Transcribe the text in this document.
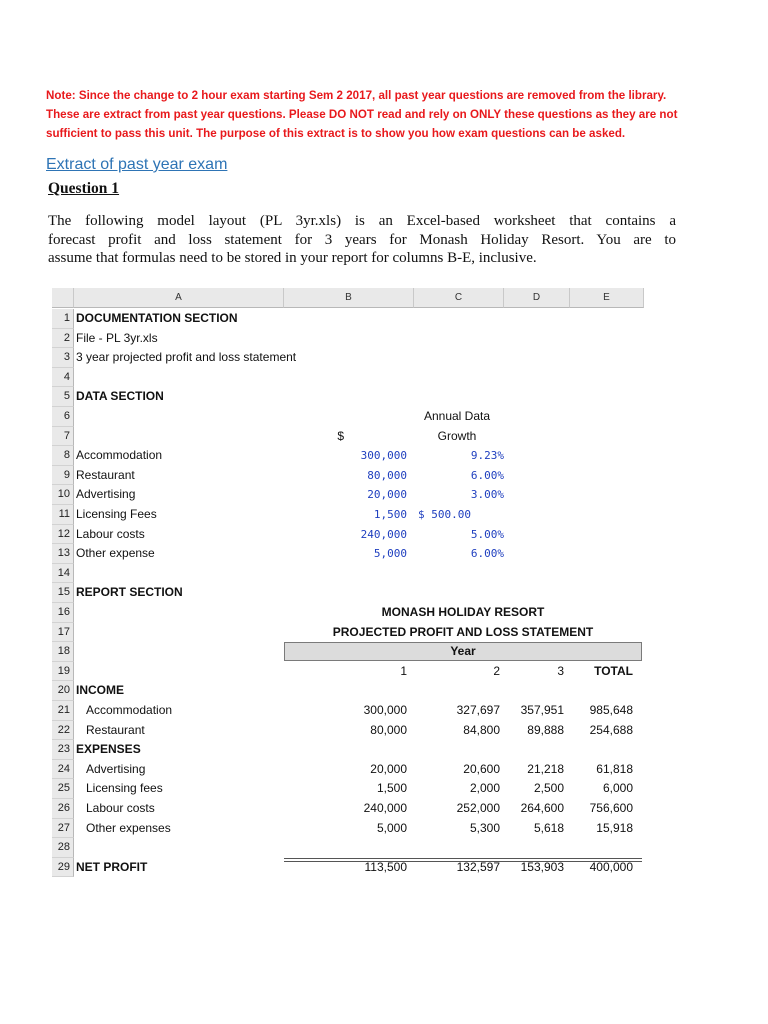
Note: Since the change to 2 hour exam starting Sem 2 2017, all past year questions are removed from the library.
These are extract from past year questions. Please DO NOT read and rely on ONLY these questions as they are not
sufficient to pass this unit. The purpose of this extract is to show you how exam questions can be asked.
Extract of past year exam
Question 1
The following model layout (PL 3yr.xls) is an Excel-based worksheet that contains a
forecast profit and loss statement for 3 years for Monash Holiday Resort. You are to
assume that formulas need to be stored in your report for columns B-E, inclusive.
A	B	C	D	E
1 DOCUMENTATION SECTION
2 File - PL 3yr.xls
3 3 year projected profit and loss statement
4
5 DATA SECTION
6	Annual Data
7	$	Growth
8 Accommodation	300,000	9.23%
9 Restaurant	80,000	6.00%
10 Advertising	20,000	3.00%
11 Licensing Fees	1,500	$ 500.00
12 Labour costs	240,000	5.00%
13 Other expense	5,000	6.00%
14
15 REPORT SECTION
16	MONASH HOLIDAY RESORT
17	PROJECTED PROFIT AND LOSS STATEMENT
18	Year
19	1	2	3	TOTAL
20 INCOME
21	Accommodation	300,000	327,697	357,951	985,648
22	Restaurant	80,000	84,800	89,888	254,688
23 EXPENSES
24	Advertising	20,000	20,600	21,218	61,818
25	Licensing fees	1,500	2,000	2,500	6,000
26	Labour costs	240,000	252,000	264,600	756,600
27	Other expenses	5,000	5,300	5,618	15,918
28
29 NET PROFIT	113,500	132,597	153,903	400,000
